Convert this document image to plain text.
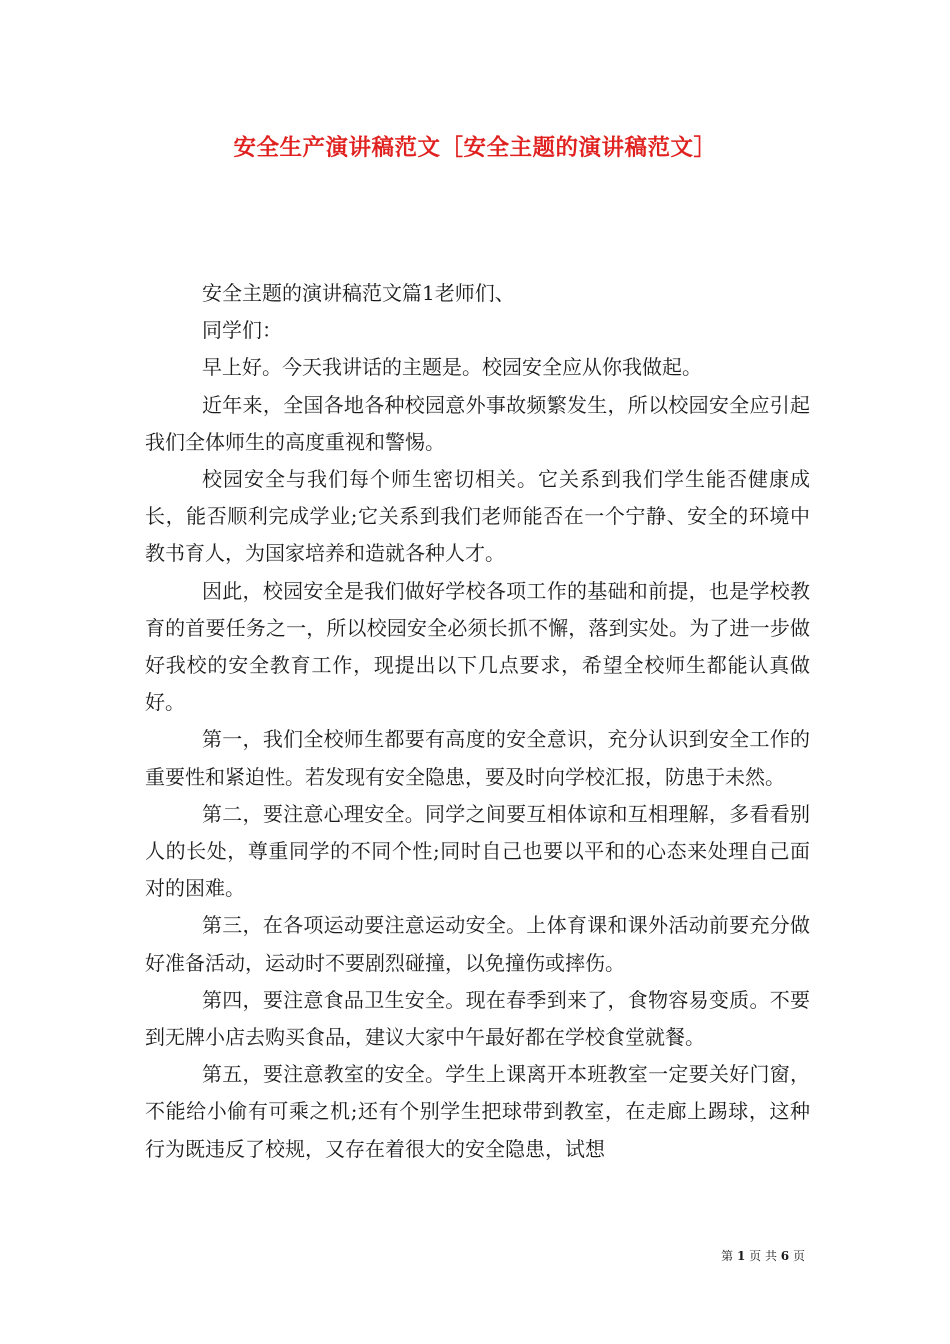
安全生产演讲稿范文［安全主题的演讲稿范文］

安全主题的演讲稿范文篇1老师们、

同学们：

早上好。今天我讲话的主题是。校园安全应从你我做起。

近年来，全国各地各种校园意外事故频繁发生，所以校园安全应引起我们全体师生的高度重视和警惕。

校园安全与我们每个师生密切相关。它关系到我们学生能否健康成长，能否顺利完成学业;它关系到我们老师能否在一个宁静、安全的环境中教书育人，为国家培养和造就各种人才。

因此，校园安全是我们做好学校各项工作的基础和前提，也是学校教育的首要任务之一，所以校园安全必须长抓不懈，落到实处。为了进一步做好我校的安全教育工作，现提出以下几点要求，希望全校师生都能认真做好。

第一，我们全校师生都要有高度的安全意识，充分认识到安全工作的重要性和紧迫性。若发现有安全隐患，要及时向学校汇报，防患于未然。

第二，要注意心理安全。同学之间要互相体谅和互相理解，多看看别人的长处，尊重同学的不同个性;同时自己也要以平和的心态来处理自己面对的困难。

第三，在各项运动要注意运动安全。上体育课和课外活动前要充分做好准备活动，运动时不要剧烈碰撞，以免撞伤或摔伤。

第四，要注意食品卫生安全。现在春季到来了，食物容易变质。不要到无牌小店去购买食品，建议大家中午最好都在学校食堂就餐。

第五，要注意教室的安全。学生上课离开本班教室一定要关好门窗，不能给小偷有可乘之机;还有个别学生把球带到教室，在走廊上踢球，这种行为既违反了校规，又存在着很大的安全隐患，试想

第 1 页 共 6 页
